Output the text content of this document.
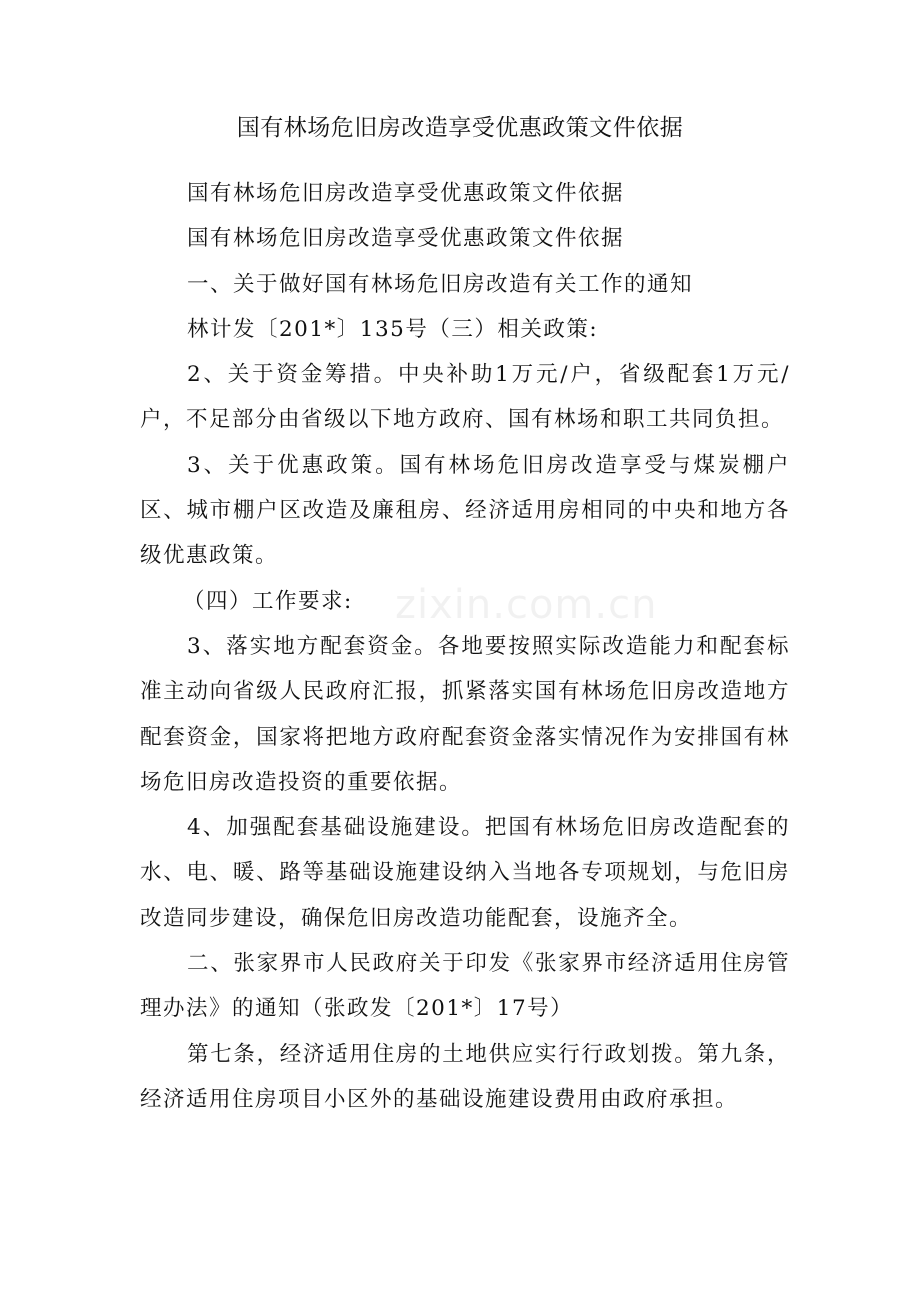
国有林场危旧房改造享受优惠政策文件依据

国有林场危旧房改造享受优惠政策文件依据

国有林场危旧房改造享受优惠政策文件依据

一、关于做好国有林场危旧房改造有关工作的通知

林计发〔201*〕135号（三）相关政策:

2、关于资金筹措。中央补助1万元/户，省级配套1万元/户，不足部分由省级以下地方政府、国有林场和职工共同负担。

3、关于优惠政策。国有林场危旧房改造享受与煤炭棚户区、城市棚户区改造及廉租房、经济适用房相同的中央和地方各级优惠政策。

（四）工作要求:

3、落实地方配套资金。各地要按照实际改造能力和配套标准主动向省级人民政府汇报，抓紧落实国有林场危旧房改造地方配套资金，国家将把地方政府配套资金落实情况作为安排国有林场危旧房改造投资的重要依据。

4、加强配套基础设施建设。把国有林场危旧房改造配套的水、电、暖、路等基础设施建设纳入当地各专项规划，与危旧房改造同步建设，确保危旧房改造功能配套，设施齐全。

二、张家界市人民政府关于印发《张家界市经济适用住房管理办法》的通知（张政发〔201*〕17号）

第七条，经济适用住房的土地供应实行行政划拨。第九条，经济适用住房项目小区外的基础设施建设费用由政府承担。

zixin.com.cn
